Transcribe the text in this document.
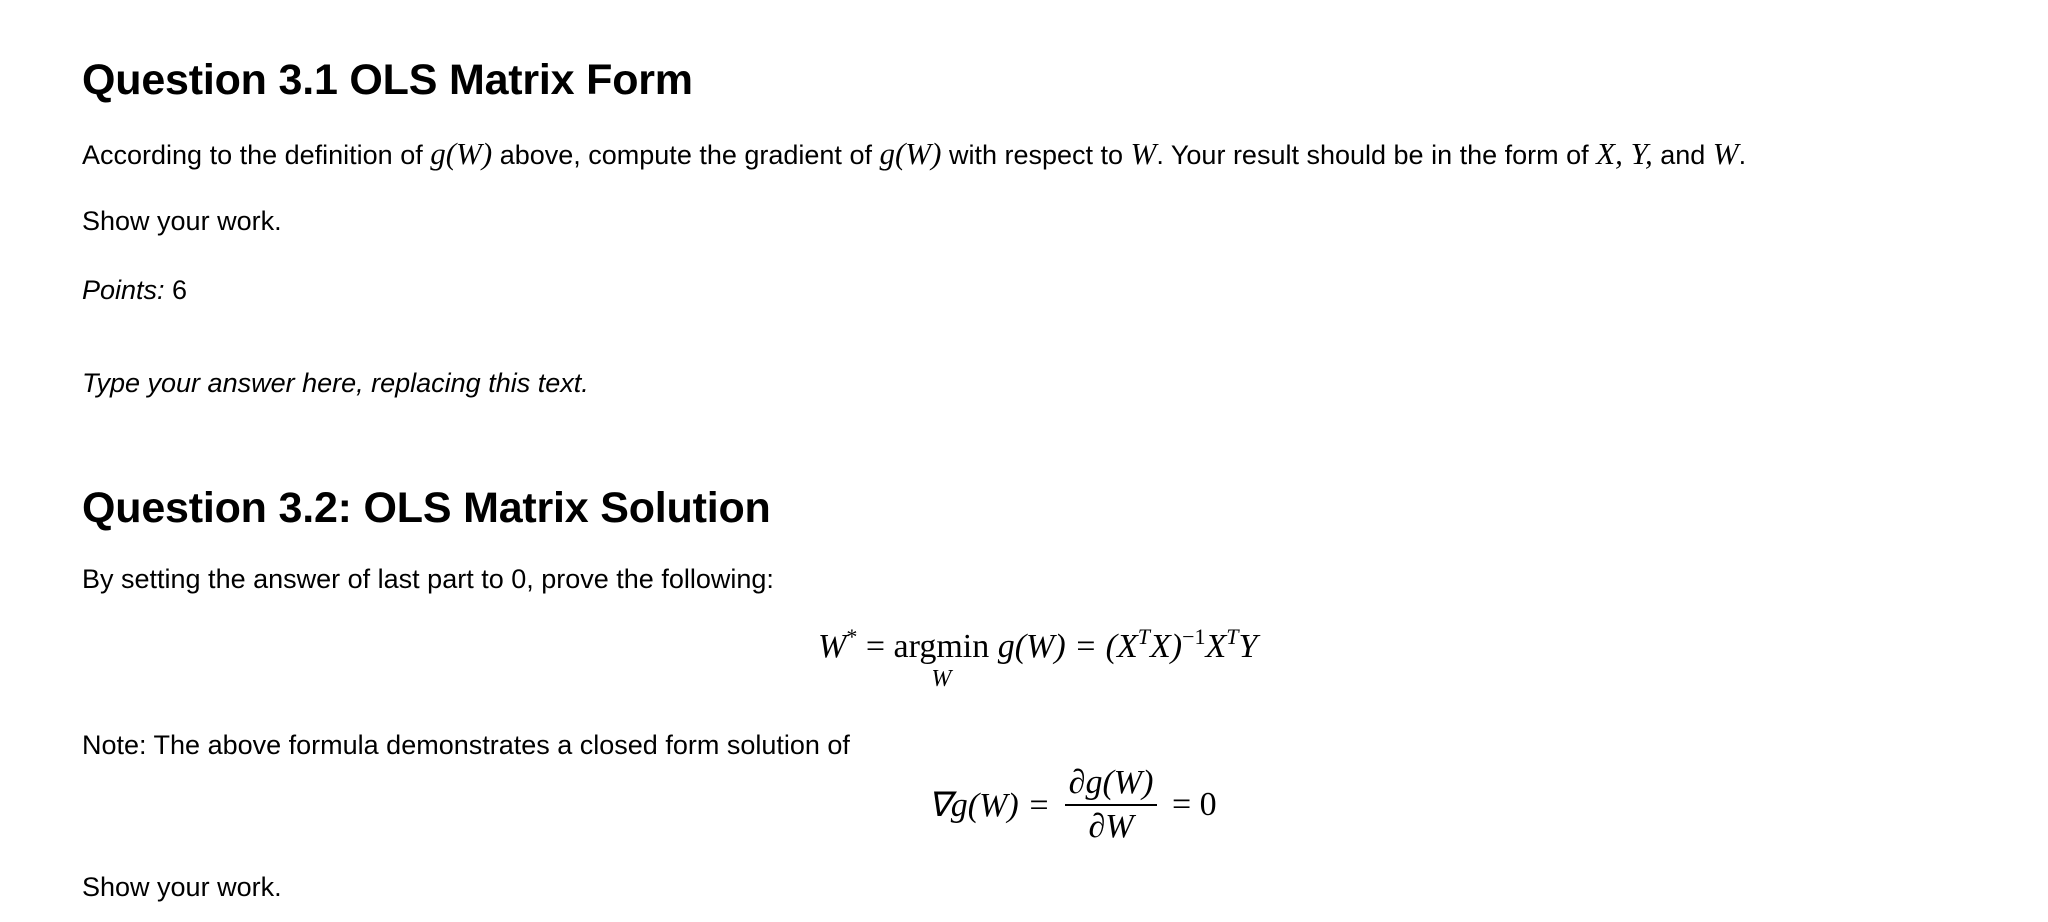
Question 3.1 OLS Matrix Form
According to the definition of g(W) above, compute the gradient of g(W) with respect to W. Your result should be in the form of X, Y, and W.
Show your work.
Points: 6
Type your answer here, replacing this text.
Question 3.2: OLS Matrix Solution
By setting the answer of last part to 0, prove the following:
W* = argmin
W
$g(W) = (X^TX)^{-1}X^TY$
Note: The above formula demonstrates a closed form solution of
$\nabla g(W) = \frac{\partial g(W)}{\partial W} = 0$
Show your work.
